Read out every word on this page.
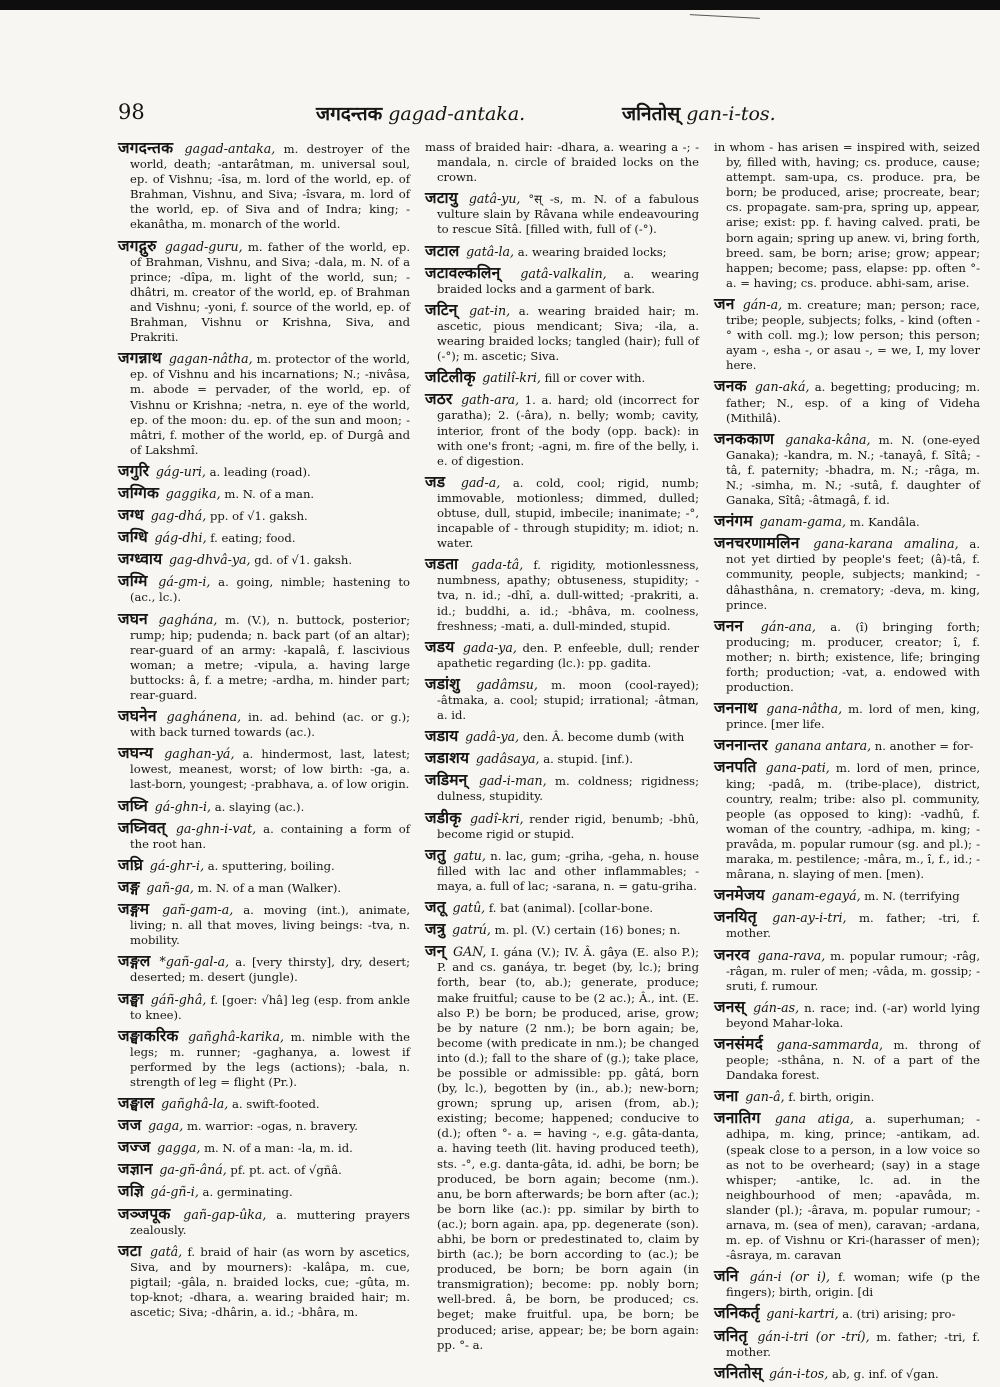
98	जगदन्तक gagad-antaka.	जनितोस् gan-i-tos.

जगदन्तक gagad-antaka, m. destroyer of the world, death; -antarâtman, m. universal soul, ep. of Vishnu; -îsa, m. lord of the world, ep. of Brahman, Vishnu, and Siva; -îsvara, m. lord of the world, ep. of Siva and of Indra; king; -ekanâtha, m. monarch of the world.

जगद्गुरु gagad-guru, m. father of the world, ep. of Brahman, Vishnu, and Siva; -dala, m. N. of a prince; -dîpa, m. light of the world, sun; -dhâtri, m. creator of the world, ep. of Brahman and Vishnu; -yoni, f. source of the world, ep. of Brahman, Vishnu or Krishna, Siva, and Prakriti.

जगन्नाथ gagan-nâtha, m. protector of the world, ep. of Vishnu and his incarnations; N.; -nivâsa, m. abode = pervader, of the world, ep. of Vishnu or Krishna; -netra, n. eye of the world, ep. of the moon: du. ep. of the sun and moon; -mâtri, f. mother of the world, ep. of Durgâ and of Lakshmî.

जगुरि gág-uri, a. leading (road).

जग्गिक gaggika, m. N. of a man.

जग्ध gag-dhá, pp. of √1. gaksh.

जग्धि gág-dhi, f. eating; food.

जग्ध्वाय gag-dhvâ-ya, gd. of √1. gaksh.

जग्मि gá-gm-i, a. going, nimble; hastening to (ac., lc.).

जघन gaghána, m. (V.), n. buttock, posterior; rump; hip; pudenda; n. back part (of an altar); rear-guard of an army: -kapalâ, f. lascivious woman; a metre; -vipula, a. having large buttocks: â, f. a metre; -ardha, m. hinder part; rear-guard.

जघनेन gaghánena, in. ad. behind (ac. or g.); with back turned towards (ac.).

जघन्य gaghan-yá, a. hindermost, last, latest; lowest, meanest, worst; of low birth: -ga, a. last-born, youngest; -prabhava, a. of low origin.

जघ्नि gá-ghn-i, a. slaying (ac.).

जघ्निवत् ga-ghn-i-vat, a. containing a form of the root han.

जघ्रि gá-ghr-i, a. sputtering, boiling.

जङ्ग gañ-ga, m. N. of a man (Walker).

जङ्गम gañ-gam-a, a. moving (int.), animate, living; n. all that moves, living beings: -tva, n. mobility.

जङ्गल *gañ-gal-a, a. [very thirsty], dry, desert; deserted; m. desert (jungle).

जङ्घा gáñ-ghâ, f. [goer: √hâ] leg (esp. from ankle to knee).

जङ्घाकरिक gañghâ-karika, m. nimble with the legs; m. runner; -gaghanya, a. lowest if performed by the legs (actions); -bala, n. strength of leg = flight (Pr.).

जङ्घाल gañghâ-la, a. swift-footed.

जज gaga, m. warrior: -ogas, n. bravery.

जज्ज gagga, m. N. of a man: -la, m. id.

जज्ञान ga-gñ-âná, pf. pt. act. of √gñâ.

जज्ञि gá-gñ-i, a. germinating.

जञ्जपूक gañ-gap-ûka, a. muttering prayers zealously.

जटा gatâ, f. braid of hair (as worn by ascetics, Siva, and by mourners): -kalâpa, m. cue, pigtail; -gâla, n. braided locks, cue; -gûta, m. top-knot; -dhara, a. wearing braided hair; m. ascetic; Siva; -dhârin, a. id.; -bhâra, m.

mass of braided hair: -dhara, a. wearing a -; -mandala, n. circle of braided locks on the crown.

जटायु gatâ-yu, °स् -s, m. N. of a fabulous vulture slain by Râvana while endeavouring to rescue Sîtâ. [filled with, full of (-°).

जटाल gatâ-la, a. wearing braided locks;

जटावल्कलिन् gatâ-valkalin, a. wearing braided locks and a garment of bark.

जटिन् gat-in, a. wearing braided hair; m. ascetic, pious mendicant; Siva; -ila, a. wearing braided locks; tangled (hair); full of (-°); m. ascetic; Siva.

जटिलीकृ gatilî-kri, fill or cover with.

जठर gath-ara, 1. a. hard; old (incorrect for garatha); 2. (-âra), n. belly; womb; cavity, interior, front of the body (opp. back): in with one's front; -agni, m. fire of the belly, i. e. of digestion.

जड gad-a, a. cold, cool; rigid, numb; immovable, motionless; dimmed, dulled; obtuse, dull, stupid, imbecile; inanimate; -°, incapable of - through stupidity; m. idiot; n. water.

जडता gada-tâ, f. rigidity, motionlessness, numbness, apathy; obtuseness, stupidity; -tva, n. id.; -dhî, a. dull-witted; -prakriti, a. id.; buddhi, a. id.; -bhâva, m. coolness, freshness; -mati, a. dull-minded, stupid.

जडय gada-ya, den. P. enfeeble, dull; render apathetic regarding (lc.): pp. gadita.

जडांशु gadâmsu, m. moon (cool-rayed); -âtmaka, a. cool; stupid; irrational; -âtman, a. id.

जडाय gadâ-ya, den. Â. become dumb (with

जडाशय gadâsaya, a. stupid. [inf.).

जडिमन् gad-i-man, m. coldness; rigidness; dulness, stupidity.

जडीकृ gadî-kri, render rigid, benumb; -bhû, become rigid or stupid.

जतु gatu, n. lac, gum; -griha, -geha, n. house filled with lac and other inflammables; -maya, a. full of lac; -sarana, n. = gatu-griha.

जतू gatû, f. bat (animal). [collar-bone.

जत्रु gatrú, m. pl. (V.) certain (16) bones; n.

जन् GAN, I. gána (V.); IV. Â. gâya (E. also P.); P. and cs. ganáya, tr. beget (by, lc.); bring forth, bear (to, ab.); generate, produce; make fruitful; cause to be (2 ac.); Â., int. (E. also P.) be born; be produced, arise, grow; be by nature (2 nm.); be born again; be, become (with predicate in nm.); be changed into (d.); fall to the share of (g.); take place, be possible or admissible: pp. gâtá, born (by, lc.), begotten by (in., ab.); new-born; grown; sprung up, arisen (from, ab.); existing; become; happened; conducive to (d.); often °- a. = having -, e.g. gâta-danta, a. having teeth (lit. having produced teeth), sts. -°, e.g. danta-gâta, id. adhi, be born; be produced, be born again; become (nm.). anu, be born afterwards; be born after (ac.); be born like (ac.): pp. similar by birth to (ac.); born again. apa, pp. degenerate (son). abhi, be born or predestinated to, claim by birth (ac.); be born according to (ac.); be produced, be born; be born again (in transmigration); become: pp. nobly born; well-bred. â, be born, be produced; cs. beget; make fruitful. upa, be born; be produced; arise, appear; be; be born again: pp. °- a.

in whom - has arisen = inspired with, seized by, filled with, having; cs. produce, cause; attempt. sam-upa, cs. produce. pra, be born; be produced, arise; procreate, bear; cs. propagate. sam-pra, spring up, appear, arise; exist: pp. f. having calved. prati, be born again; spring up anew. vi, bring forth, breed. sam, be born; arise; grow; appear; happen; become; pass, elapse: pp. often °- a. = having; cs. produce. abhi-sam, arise.

जन gán-a, m. creature; man; person; race, tribe; people, subjects; folks, - kind (often -° with coll. mg.); low person; this person; ayam -, esha -, or asau -, = we, I, my lover here.

जनक gan-aká, a. begetting; producing; m. father; N., esp. of a king of Videha (Mithilâ).

जनककाण ganaka-kâna, m. N. (one-eyed Ganaka); -kandra, m. N.; -tanayâ, f. Sîtâ; -tâ, f. paternity; -bhadra, m. N.; -râga, m. N.; -simha, m. N.; -sutâ, f. daughter of Ganaka, Sîtâ; -âtmagâ, f. id.

जनंगम ganam-gama, m. Kandâla.

जनचरणामलिन gana-karana amalina, a. not yet dirtied by people's feet; (â)-tâ, f. community, people, subjects; mankind; -dâhasthâna, n. crematory; -deva, m. king, prince.

जनन gán-ana, a. (î) bringing forth; producing; m. producer, creator; î, f. mother; n. birth; existence, life; bringing forth; production; -vat, a. endowed with production.

जननाथ gana-nâtha, m. lord of men, king, prince. [mer life.

जननान्तर ganana antara, n. another = for-

जनपति gana-pati, m. lord of men, prince, king; -padâ, m. (tribe-place), district, country, realm; tribe: also pl. community, people (as opposed to king): -vadhû, f. woman of the country, -adhipa, m. king; -pravâda, m. popular rumour (sg. and pl.); -maraka, m. pestilence; -mâra, m., î, f., id.; -mârana, n. slaying of men. [men).

जनमेजय ganam-egayá, m. N. (terrifying

जनयितृ gan-ay-i-tri, m. father; -tri, f. mother.

जनरव gana-rava, m. popular rumour; -râg, -râgan, m. ruler of men; -vâda, m. gossip; -sruti, f. rumour.

जनस् gán-as, n. race; ind. (-ar) world lying beyond Mahar-loka.

जनसंमर्द gana-sammarda, m. throng of people; -sthâna, n. N. of a part of the Dandaka forest.

जना gan-â, f. birth, origin.

जनातिग gana atiga, a. superhuman; -adhipa, m. king, prince; -antikam, ad. (speak close to a person, in a low voice so as not to be overheard; (say) in a stage whisper; -antike, lc. ad. in the neighbourhood of men; -apavâda, m. slander (pl.); -ârava, m. popular rumour; -arnava, m. (sea of men), caravan; -ardana, m. ep. of Vishnu or Kri-(harasser of men); -âsraya, m. caravan

जनि gán-i (or i), f. woman; wife (p the fingers); birth, origin. [di

जनिकर्तृ gani-kartri, a. (tri) arising; pro-

जनितृ gán-i-tri (or -trí), m. father; -tri, f. mother.

जनितोस् gán-i-tos, ab, g. inf. of √gan.
